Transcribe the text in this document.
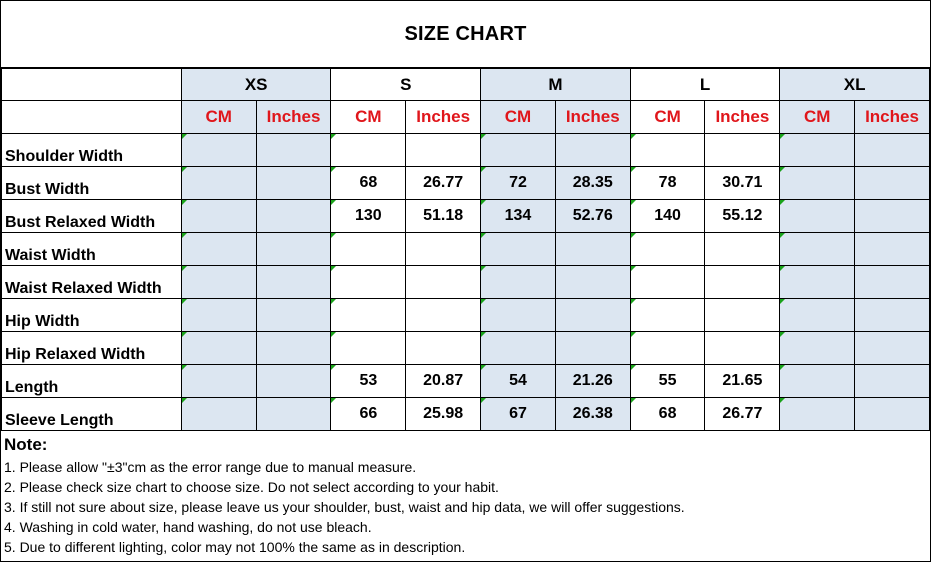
SIZE CHART
	XS		S		M		L		XL	
	CM	Inches	CM	Inches	CM	Inches	CM	Inches	CM	Inches
Shoulder Width	

Bust Width			68	26.77	72	28.35	78	30.71	

Bust Relaxed Width			130	51.18	134	52.76	140	55.12	

Waist Width	

Waist Relaxed Width	

Hip Width	

Hip Relaxed Width	

Length			53	20.87	54	21.26	55	21.65	

Sleeve Length			66	25.98	67	26.38	68	26.77	

Note:
1. Please allow "±3"cm as the error range due to manual measure.
2. Please check size chart to choose size. Do not select according to your habit.
3. If still not sure about size, please leave us your shoulder, bust, waist and hip data, we will offer suggestions.
4. Washing in cold water, hand washing, do not use bleach.
5. Due to different lighting, color may not 100% the same as in description.
